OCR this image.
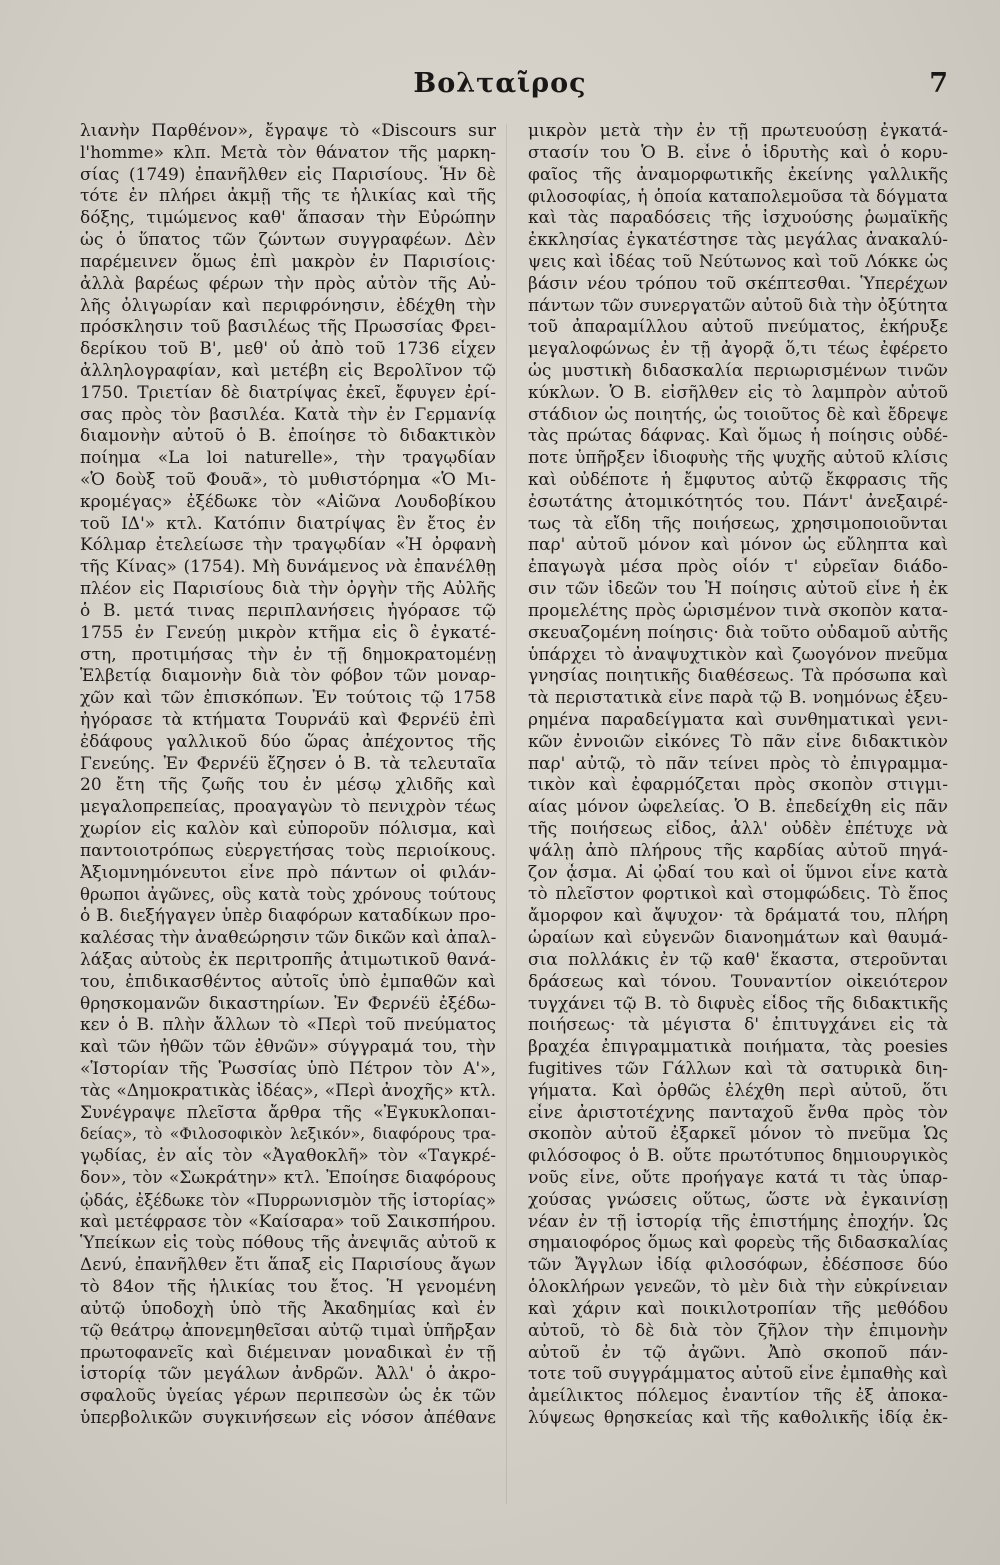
Βολταῖρος	7
λιανὴν Παρθένον», ἔγραψε τὸ «Discours sur
l'homme» κλπ. Μετὰ τὸν θάνατον τῆς μαρκη-
σίας (1749) ἐπανῆλθεν εἰς Παρισίους. Ἦν δὲ
τότε ἐν πλήρει ἀκμῇ τῆς τε ἡλικίας καὶ τῆς
δόξης, τιμώμενος καθ' ἅπασαν τὴν Εὐρώπην
ὡς ὁ ὕπατος τῶν ζώντων συγγραφέων. Δὲν
παρέμεινεν ὅμως ἐπὶ μακρὸν ἐν Παρισίοις·
ἀλλὰ βαρέως φέρων τὴν πρὸς αὐτὸν τῆς Αὐ-
λῆς ὀλιγωρίαν καὶ περιφρόνησιν, ἐδέχθη τὴν
πρόσκλησιν τοῦ βασιλέως τῆς Πρωσσίας Φρει-
δερίκου τοῦ Β', μεθ' οὗ ἀπὸ τοῦ 1736 εἶχεν
ἀλληλογραφίαν, καὶ μετέβη εἰς Βερολῖνον τῷ
1750. Τριετίαν δὲ διατρίψας ἐκεῖ, ἔφυγεν ἐρί-
σας πρὸς τὸν βασιλέα. Κατὰ τὴν ἐν Γερμανίᾳ
διαμονὴν αὐτοῦ ὁ Β. ἐποίησε τὸ διδακτικὸν
ποίημα «La loi naturelle», τὴν τραγῳδίαν
«Ὁ δοὺξ τοῦ Φουᾶ», τὸ μυθιστόρημα «Ὁ Μι-
κρομέγας» ἐξέδωκε τὸν «Αἰῶνα Λουδοβίκου
τοῦ ΙΔ'» κτλ. Κατόπιν διατρίψας ἓν ἔτος ἐν
Κόλμαρ ἐτελείωσε τὴν τραγῳδίαν «Ἡ ὀρφανὴ
τῆς Κίνας» (1754). Μὴ δυνάμενος νὰ ἐπανέλθῃ
πλέον εἰς Παρισίους διὰ τὴν ὀργὴν τῆς Αὐλῆς
ὁ Β. μετά τινας περιπλανήσεις ἠγόρασε τῷ
1755 ἐν Γενεύῃ μικρὸν κτῆμα εἰς ὃ ἐγκατέ-
στη, προτιμήσας τὴν ἐν τῇ δημοκρατομένῃ
Ἑλβετίᾳ διαμονὴν διὰ τὸν φόβον τῶν μοναρ-
χῶν καὶ τῶν ἐπισκόπων. Ἐν τούτοις τῷ 1758
ἠγόρασε τὰ κτήματα Τουρνάϋ καὶ Φερνέϋ ἐπὶ
ἐδάφους γαλλικοῦ δύο ὥρας ἀπέχοντος τῆς
Γενεύης. Ἐν Φερνέϋ ἔζησεν ὁ Β. τὰ τελευταῖα
20 ἔτη τῆς ζωῆς του ἐν μέσῳ χλιδῆς καὶ
μεγαλοπρεπείας, προαγαγὼν τὸ πενιχρὸν τέως
χωρίον εἰς καλὸν καὶ εὐποροῦν πόλισμα, καὶ
παντοιοτρόπως εὐεργετήσας τοὺς περιοίκους.
Ἀξιομνημόνευτοι εἶνε πρὸ πάντων οἱ φιλάν-
θρωποι ἀγῶνες, οὓς κατὰ τοὺς χρόνους τούτους
ὁ Β. διεξήγαγεν ὑπὲρ διαφόρων καταδίκων προ-
καλέσας τὴν ἀναθεώρησιν τῶν δικῶν καὶ ἀπαλ-
λάξας αὐτοὺς ἐκ περιτροπῆς ἀτιμωτικοῦ θανά-
του, ἐπιδικασθέντος αὐτοῖς ὑπὸ ἐμπαθῶν καὶ
θρησκομανῶν δικαστηρίων. Ἐν Φερνέϋ ἐξέδω-
κεν ὁ Β. πλὴν ἄλλων τὸ «Περὶ τοῦ πνεύματος
καὶ τῶν ἠθῶν τῶν ἐθνῶν» σύγγραμά του, τὴν
«Ἱστορίαν τῆς Ῥωσσίας ὑπὸ Πέτρον τὸν Α'»,
τὰς «Δημοκρατικὰς ἰδέας», «Περὶ ἀνοχῆς» κτλ.
Συνέγραψε πλεῖστα ἄρθρα τῆς «Ἐγκυκλοπαι-
δείας», τὸ «Φιλοσοφικὸν λεξικόν», διαφόρους τρα-
γῳδίας, ἐν αἷς τὸν «Ἀγαθοκλῆ» τὸν «Ταγκρέ-
δον», τὸν «Σωκράτην» κτλ. Ἐποίησε διαφόρους
ᾠδάς, ἐξέδωκε τὸν «Πυρρωνισμὸν τῆς ἱστορίας»
καὶ μετέφρασε τὸν «Καίσαρα» τοῦ Σαικσπήρου.
Ὑπείκων εἰς τοὺς πόθους τῆς ἀνεψιᾶς αὐτοῦ κ
Δενύ, ἐπανῆλθεν ἔτι ἅπαξ εἰς Παρισίους ἄγων
τὸ 84ον τῆς ἡλικίας του ἔτος. Ἡ γενομένη
αὐτῷ ὑποδοχὴ ὑπὸ τῆς Ἀκαδημίας καὶ ἐν
τῷ θεάτρῳ ἀπονεμηθεῖσαι αὐτῷ τιμαὶ ὑπῆρξαν
πρωτοφανεῖς καὶ διέμειναν μοναδικαὶ ἐν τῇ
ἱστορίᾳ τῶν μεγάλων ἀνδρῶν. Ἀλλ' ὁ ἀκρο-
σφαλοῦς ὑγείας γέρων περιπεσὼν ὡς ἐκ τῶν
ὑπερβολικῶν συγκινήσεων εἰς νόσον ἀπέθανε
μικρὸν μετὰ τὴν ἐν τῇ πρωτευούσῃ ἐγκατά-
στασίν του Ὁ Β. εἶνε ὁ ἱδρυτὴς καὶ ὁ κορυ-
φαῖος τῆς ἀναμορφωτικῆς ἐκείνης γαλλικῆς
φιλοσοφίας, ἡ ὁποία καταπολεμοῦσα τὰ δόγματα
καὶ τὰς παραδόσεις τῆς ἰσχυούσης ῥωμαϊκῆς
ἐκκλησίας ἐγκατέστησε τὰς μεγάλας ἀνακαλύ-
ψεις καὶ ἰδέας τοῦ Νεύτωνος καὶ τοῦ Λόκκε ὡς
βάσιν νέου τρόπου τοῦ σκέπτεσθαι. Ὑπερέχων
πάντων τῶν συνεργατῶν αὐτοῦ διὰ τὴν ὀξύτητα
τοῦ ἀπαραμίλλου αὐτοῦ πνεύματος, ἐκήρυξε
μεγαλοφώνως ἐν τῇ ἀγορᾷ ὅ,τι τέως ἐφέρετο
ὡς μυστικὴ διδασκαλία περιωρισμένων τινῶν
κύκλων. Ὁ Β. εἰσῆλθεν εἰς τὸ λαμπρὸν αὐτοῦ
στάδιον ὡς ποιητής, ὡς τοιοῦτος δὲ καὶ ἔδρεψε
τὰς πρώτας δάφνας. Καὶ ὅμως ἡ ποίησις οὐδέ-
ποτε ὑπῆρξεν ἰδιοφυὴς τῆς ψυχῆς αὐτοῦ κλίσις
καὶ οὐδέποτε ἡ ἔμφυτος αὐτῷ ἔκφρασις τῆς
ἐσωτάτης ἀτομικότητός του. Πάντ' ἀνεξαιρέ-
τως τὰ εἴδη τῆς ποιήσεως, χρησιμοποιοῦνται
παρ' αὐτοῦ μόνον καὶ μόνον ὡς εὔληπτα καὶ
ἐπαγωγὰ μέσα πρὸς οἷόν τ' εὐρεῖαν διάδο-
σιν τῶν ἰδεῶν του Ἡ ποίησις αὐτοῦ εἶνε ἡ ἐκ
προμελέτης πρὸς ὡρισμένον τινὰ σκοπὸν κατα-
σκευαζομένη ποίησις· διὰ τοῦτο οὐδαμοῦ αὐτῆς
ὑπάρχει τὸ ἀναψυχτικὸν καὶ ζωογόνον πνεῦμα
γνησίας ποιητικῆς διαθέσεως. Τὰ πρόσωπα καὶ
τὰ περιστατικὰ εἶνε παρὰ τῷ Β. νοημόνως ἐξευ-
ρημένα παραδείγματα καὶ συνθηματικαὶ γενι-
κῶν ἐννοιῶν εἰκόνες Τὸ πᾶν εἶνε διδακτικὸν
παρ' αὐτῷ, τὸ πᾶν τείνει πρὸς τὸ ἐπιγραμμα-
τικὸν καὶ ἐφαρμόζεται πρὸς σκοπὸν στιγμι-
αίας μόνον ὠφελείας. Ὁ Β. ἐπεδείχθη εἰς πᾶν
τῆς ποιήσεως εἶδος, ἀλλ' οὐδὲν ἐπέτυχε νὰ
ψάλῃ ἀπὸ πλήρους τῆς καρδίας αὐτοῦ πηγά-
ζον ᾆσμα. Αἱ ᾠδαί του καὶ οἱ ὕμνοι εἶνε κατὰ
τὸ πλεῖστον φορτικοὶ καὶ στομφώδεις. Τὸ ἔπος
ἄμορφον καὶ ἄψυχον· τὰ δράματά του, πλήρη
ὡραίων καὶ εὐγενῶν διανοημάτων καὶ θαυμά-
σια πολλάκις ἐν τῷ καθ' ἕκαστα, στεροῦνται
δράσεως καὶ τόνου. Τουναντίον οἰκειότερον
τυγχάνει τῷ Β. τὸ διφυὲς εἶδος τῆς διδακτικῆς
ποιήσεως· τὰ μέγιστα δ' ἐπιτυγχάνει εἰς τὰ
βραχέα ἐπιγραμματικὰ ποιήματα, τὰς poesies
fugitives τῶν Γάλλων καὶ τὰ σατυρικὰ διη-
γήματα. Καὶ ὀρθῶς ἐλέχθη περὶ αὐτοῦ, ὅτι
εἶνε ἀριστοτέχνης πανταχοῦ ἔνθα πρὸς τὸν
σκοπὸν αὐτοῦ ἐξαρκεῖ μόνον τὸ πνεῦμα Ὡς
φιλόσοφος ὁ Β. οὔτε πρωτότυπος δημιουργικὸς
νοῦς εἶνε, οὔτε προήγαγε κατά τι τὰς ὑπαρ-
χούσας γνώσεις οὕτως, ὥστε νὰ ἐγκαινίσῃ
νέαν ἐν τῇ ἱστορίᾳ τῆς ἐπιστήμης ἐποχήν. Ὡς
σημαιοφόρος ὅμως καὶ φορεὺς τῆς διδασκαλίας
τῶν Ἄγγλων ἰδίᾳ φιλοσόφων, ἐδέσποσε δύο
ὁλοκλήρων γενεῶν, τὸ μὲν διὰ τὴν εὐκρίνειαν
καὶ χάριν καὶ ποικιλοτροπίαν τῆς μεθόδου
αὐτοῦ, τὸ δὲ διὰ τὸν ζῆλον τὴν ἐπιμονὴν
αὐτοῦ ἐν τῷ ἀγῶνι. Ἀπὸ σκοποῦ πάν-
τοτε τοῦ συγγράμματος αὐτοῦ εἶνε ἐμπαθὴς καὶ
ἀμείλικτος πόλεμος ἐναντίον τῆς ἐξ ἀποκα-
λύψεως θρησκείας καὶ τῆς καθολικῆς ἰδίᾳ ἐκ-
